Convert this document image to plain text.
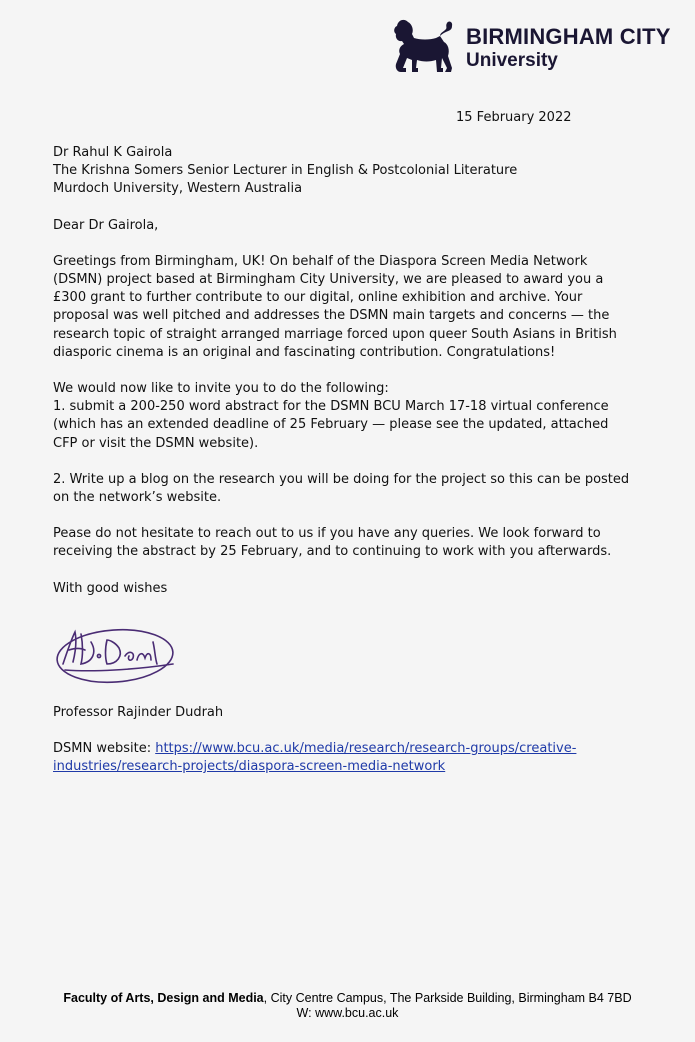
BIRMINGHAM CITY
University
15 February 2022

Dr Rahul K Gairola

The Krishna Somers Senior Lecturer in English & Postcolonial Literature

Murdoch University, Western Australia

Dear Dr Gairola,

Greetings from Birmingham, UK! On behalf of the Diaspora Screen Media Network (DSMN) project based at Birmingham City University, we are pleased to award you a £300 grant to further contribute to our digital, online exhibition and archive. Your proposal was well pitched and addresses the DSMN main targets and concerns — the research topic of straight arranged marriage forced upon queer South Asians in British diasporic cinema is an original and fascinating contribution. Congratulations!

We would now like to invite you to do the following:

1. submit a 200-250 word abstract for the DSMN BCU March 17-18 virtual conference (which has an extended deadline of 25 February — please see the updated, attached CFP or visit the DSMN website).

2. Write up a blog on the research you will be doing for the project so this can be posted on the network’s website.

Pease do not hesitate to reach out to us if you have any queries. We look forward to receiving the abstract by 25 February, and to continuing to work with you afterwards.

With good wishes

Professor Rajinder Dudrah

DSMN website: https://www.bcu.ac.uk/media/research/research-groups/creative-industries/research-projects/diaspora-screen-media-network

Faculty of Arts, Design and Media, City Centre Campus, The Parkside Building, Birmingham B4 7BD
W: www.bcu.ac.uk
